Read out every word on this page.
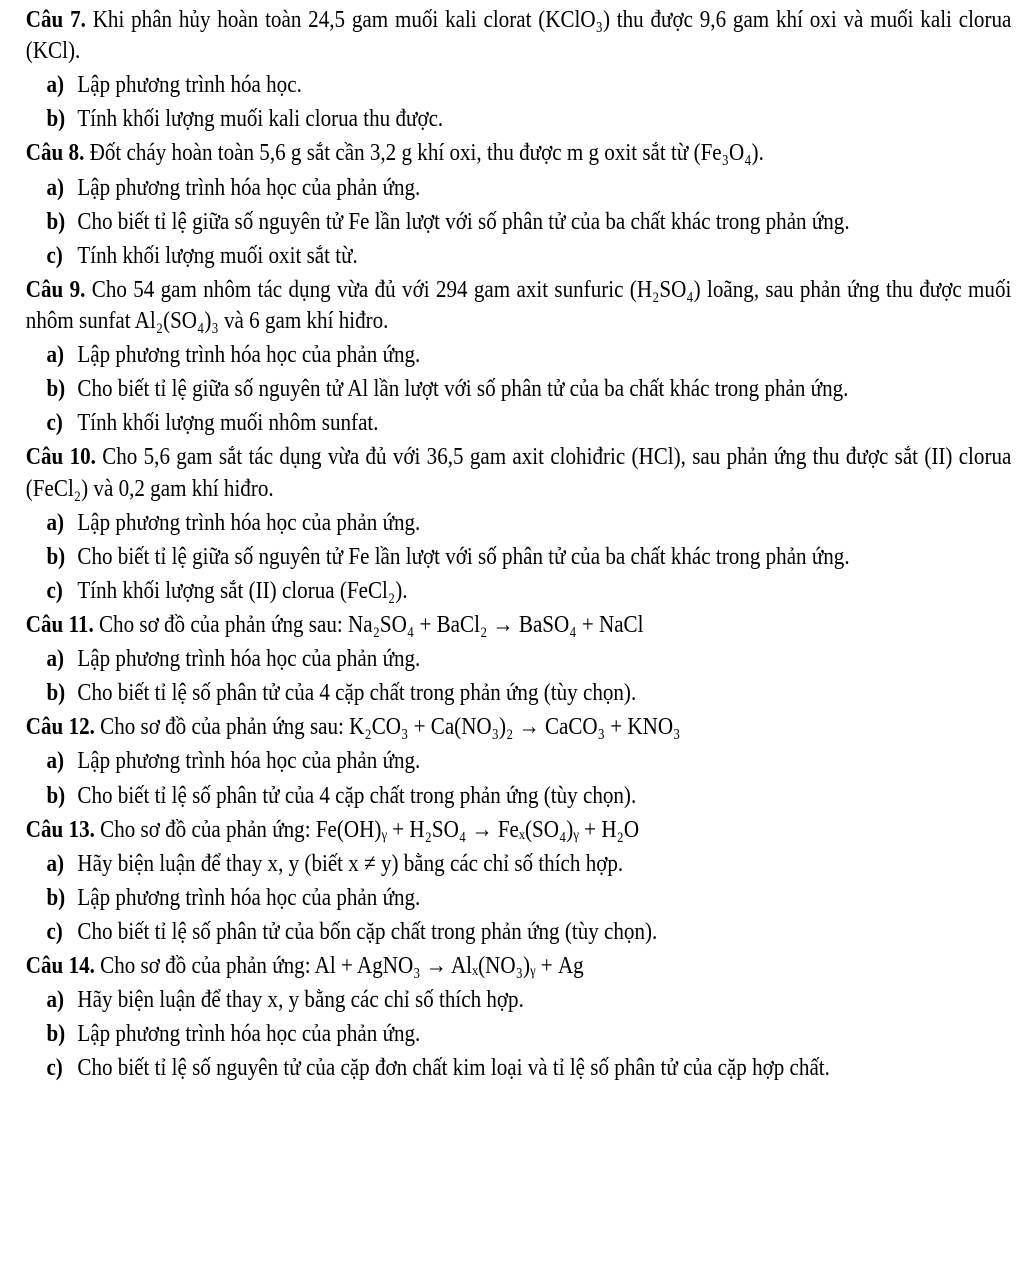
Câu 7. Khi phân hủy hoàn toàn 24,5 gam muối kali clorat (KClO₃) thu được 9,6 gam khí oxi và muối kali clorua (KCl).

a) Lập phương trình hóa học.
b) Tính khối lượng muối kali clorua thu được.

Câu 8. Đốt cháy hoàn toàn 5,6 g sắt cần 3,2 g khí oxi, thu được m g oxit sắt từ (Fe₃O₄).

a) Lập phương trình hóa học của phản ứng.
b) Cho biết tỉ lệ giữa số nguyên tử Fe lần lượt với số phân tử của ba chất khác trong phản ứng.
c) Tính khối lượng muối oxit sắt từ.

Câu 9. Cho 54 gam nhôm tác dụng vừa đủ với 294 gam axit sunfuric (H₂SO₄) loãng, sau phản ứng thu được muối nhôm sunfat Al₂(SO₄)₃ và 6 gam khí hiđro.

a) Lập phương trình hóa học của phản ứng.
b) Cho biết tỉ lệ giữa số nguyên tử Al lần lượt với số phân tử của ba chất khác trong phản ứng.
c) Tính khối lượng muối nhôm sunfat.

Câu 10. Cho 5,6 gam sắt tác dụng vừa đủ với 36,5 gam axit clohiđric (HCl), sau phản ứng thu được sắt (II) clorua (FeCl₂) và 0,2 gam khí hiđro.

a) Lập phương trình hóa học của phản ứng.
b) Cho biết tỉ lệ giữa số nguyên tử Fe lần lượt với số phân tử của ba chất khác trong phản ứng.
c) Tính khối lượng sắt (II) clorua (FeCl₂).

Câu 11. Cho sơ đồ của phản ứng sau: Na₂SO₄ + BaCl₂ → BaSO₄ + NaCl

a) Lập phương trình hóa học của phản ứng.
b) Cho biết tỉ lệ số phân tử của 4 cặp chất trong phản ứng (tùy chọn).

Câu 12. Cho sơ đồ của phản ứng sau: K₂CO₃ + Ca(NO₃)₂ → CaCO₃ + KNO₃

a) Lập phương trình hóa học của phản ứng.
b) Cho biết tỉ lệ số phân tử của 4 cặp chất trong phản ứng (tùy chọn).

Câu 13. Cho sơ đồ của phản ứng: Fe(OH)ᵧ + H₂SO₄ → Feₓ(SO₄)ᵧ + H₂O

a) Hãy biện luận để thay x, y (biết x ≠ y) bằng các chỉ số thích hợp.
b) Lập phương trình hóa học của phản ứng.
c) Cho biết tỉ lệ số phân tử của bốn cặp chất trong phản ứng (tùy chọn).

Câu 14. Cho sơ đồ của phản ứng: Al + AgNO₃ → Alₓ(NO₃)ᵧ + Ag

a) Hãy biện luận để thay x, y bằng các chỉ số thích hợp.
b) Lập phương trình hóa học của phản ứng.
c) Cho biết tỉ lệ số nguyên tử của cặp đơn chất kim loại và tỉ lệ số phân tử của cặp hợp chất.
